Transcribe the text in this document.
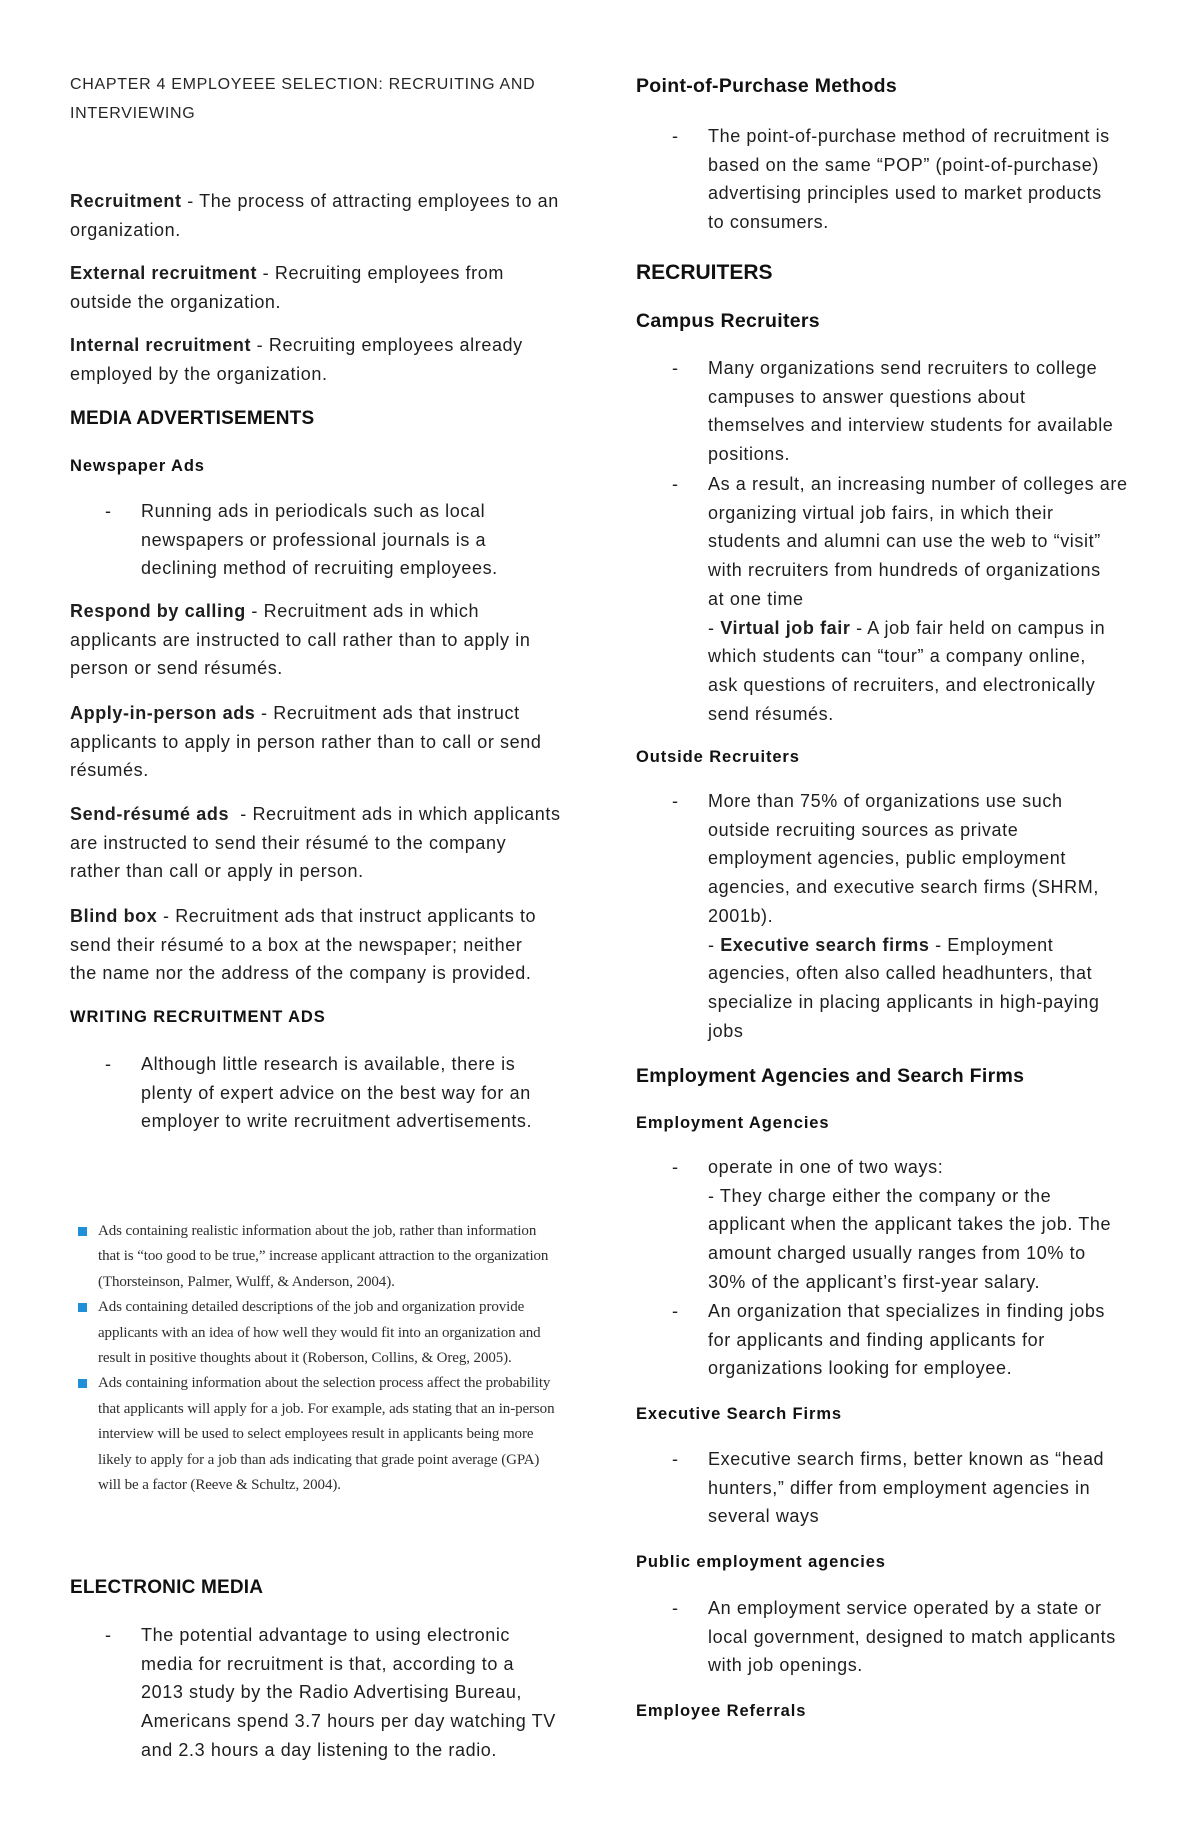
CHAPTER 4 EMPLOYEEE SELECTION: RECRUITING AND
INTERVIEWING
Recruitment - The process of attracting employees to an
organization.
External recruitment - Recruiting employees from
outside the organization.
Internal recruitment - Recruiting employees already
employed by the organization.
MEDIA ADVERTISEMENTS
Newspaper Ads
-	Running ads in periodicals such as local
newspapers or professional journals is a
declining method of recruiting employees.
Respond by calling - Recruitment ads in which
applicants are instructed to call rather than to apply in
person or send résumés.
Apply-in-person ads - Recruitment ads that instruct
applicants to apply in person rather than to call or send
résumés.
Send-résumé ads  - Recruitment ads in which applicants
are instructed to send their résumé to the company
rather than call or apply in person.
Blind box - Recruitment ads that instruct applicants to
send their résumé to a box at the newspaper; neither
the name nor the address of the company is provided.
WRITING RECRUITMENT ADS
-	Although little research is available, there is
plenty of expert advice on the best way for an
employer to write recruitment advertisements.
Ads containing realistic information about the job, rather than information
that is “too good to be true,” increase applicant attraction to the organization
(Thorsteinson, Palmer, Wulff, & Anderson, 2004).
Ads containing detailed descriptions of the job and organization provide
applicants with an idea of how well they would fit into an organization and
result in positive thoughts about it (Roberson, Collins, & Oreg, 2005).
Ads containing information about the selection process affect the probability
that applicants will apply for a job. For example, ads stating that an in-person
interview will be used to select employees result in applicants being more
likely to apply for a job than ads indicating that grade point average (GPA)
will be a factor (Reeve & Schultz, 2004).
ELECTRONIC MEDIA
-	The potential advantage to using electronic
media for recruitment is that, according to a
2013 study by the Radio Advertising Bureau,
Americans spend 3.7 hours per day watching TV
and 2.3 hours a day listening to the radio.
Point-of-Purchase Methods
-	The point-of-purchase method of recruitment is
based on the same “POP” (point-of-purchase)
advertising principles used to market products
to consumers.
RECRUITERS
Campus Recruiters
-	Many organizations send recruiters to college
campuses to answer questions about
themselves and interview students for available
positions.
-	As a result, an increasing number of colleges are
organizing virtual job fairs, in which their
students and alumni can use the web to “visit”
with recruiters from hundreds of organizations
at one time
- Virtual job fair - A job fair held on campus in
which students can “tour” a company online,
ask questions of recruiters, and electronically
send résumés.
Outside Recruiters
-	More than 75% of organizations use such
outside recruiting sources as private
employment agencies, public employment
agencies, and executive search firms (SHRM,
2001b).
- Executive search firms - Employment
agencies, often also called headhunters, that
specialize in placing applicants in high-paying
jobs
Employment Agencies and Search Firms
Employment Agencies
-	operate in one of two ways:
- They charge either the company or the
applicant when the applicant takes the job. The
amount charged usually ranges from 10% to
30% of the applicant’s first-year salary.
-	An organization that specializes in finding jobs
for applicants and finding applicants for
organizations looking for employee.
Executive Search Firms
-	Executive search firms, better known as “head
hunters,” differ from employment agencies in
several ways
Public employment agencies
-	An employment service operated by a state or
local government, designed to match applicants
with job openings.
Employee Referrals
